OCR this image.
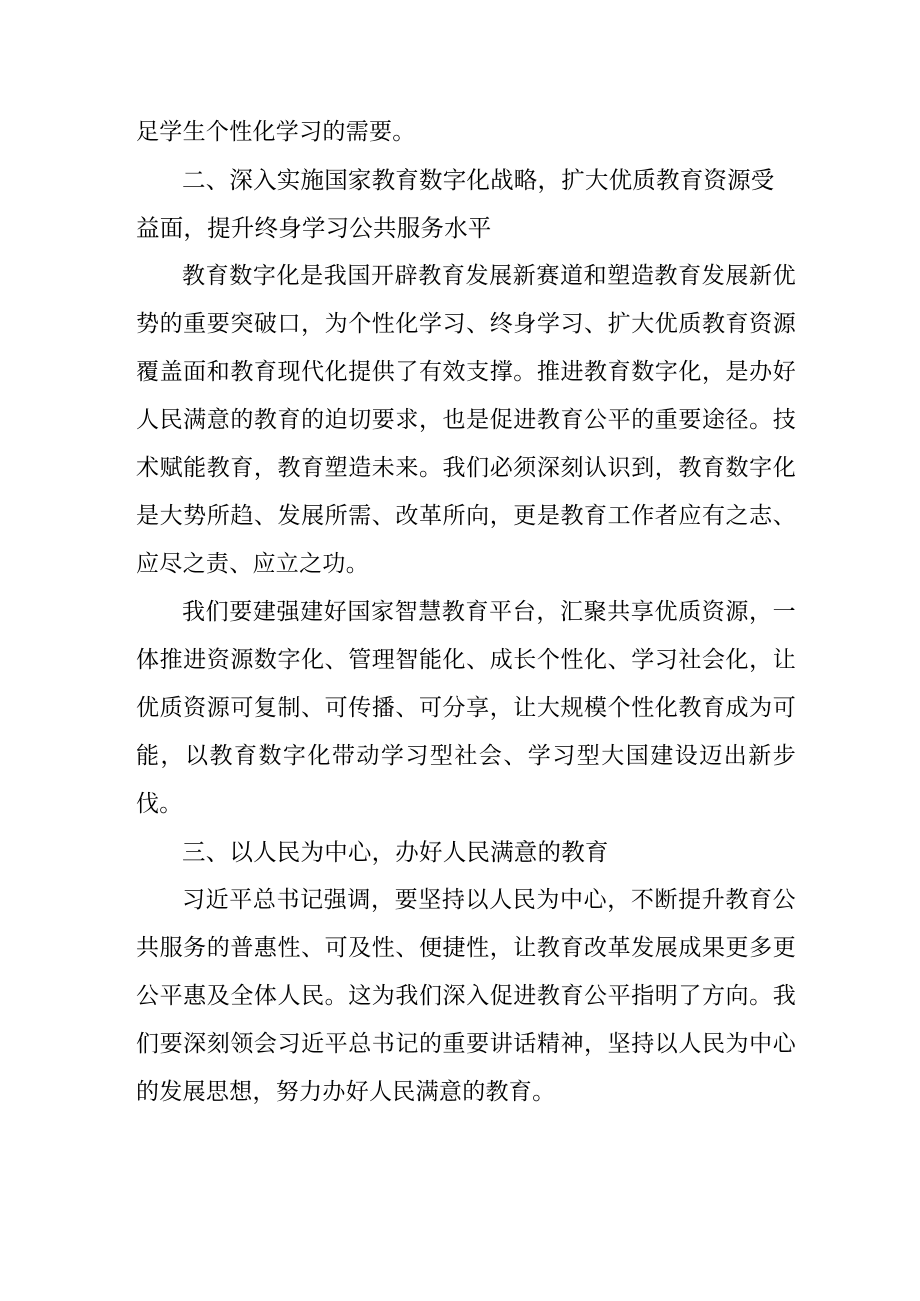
足学生个性化学习的需要。

二、深入实施国家教育数字化战略，扩大优质教育资源受益面，提升终身学习公共服务水平

教育数字化是我国开辟教育发展新赛道和塑造教育发展新优势的重要突破口，为个性化学习、终身学习、扩大优质教育资源覆盖面和教育现代化提供了有效支撑。推进教育数字化，是办好人民满意的教育的迫切要求，也是促进教育公平的重要途径。技术赋能教育，教育塑造未来。我们必须深刻认识到，教育数字化是大势所趋、发展所需、改革所向，更是教育工作者应有之志、应尽之责、应立之功。

我们要建强建好国家智慧教育平台，汇聚共享优质资源，一体推进资源数字化、管理智能化、成长个性化、学习社会化，让优质资源可复制、可传播、可分享，让大规模个性化教育成为可能，以教育数字化带动学习型社会、学习型大国建设迈出新步伐。

三、以人民为中心，办好人民满意的教育

习近平总书记强调，要坚持以人民为中心，不断提升教育公共服务的普惠性、可及性、便捷性，让教育改革发展成果更多更公平惠及全体人民。这为我们深入促进教育公平指明了方向。我们要深刻领会习近平总书记的重要讲话精神，坚持以人民为中心的发展思想，努力办好人民满意的教育。
